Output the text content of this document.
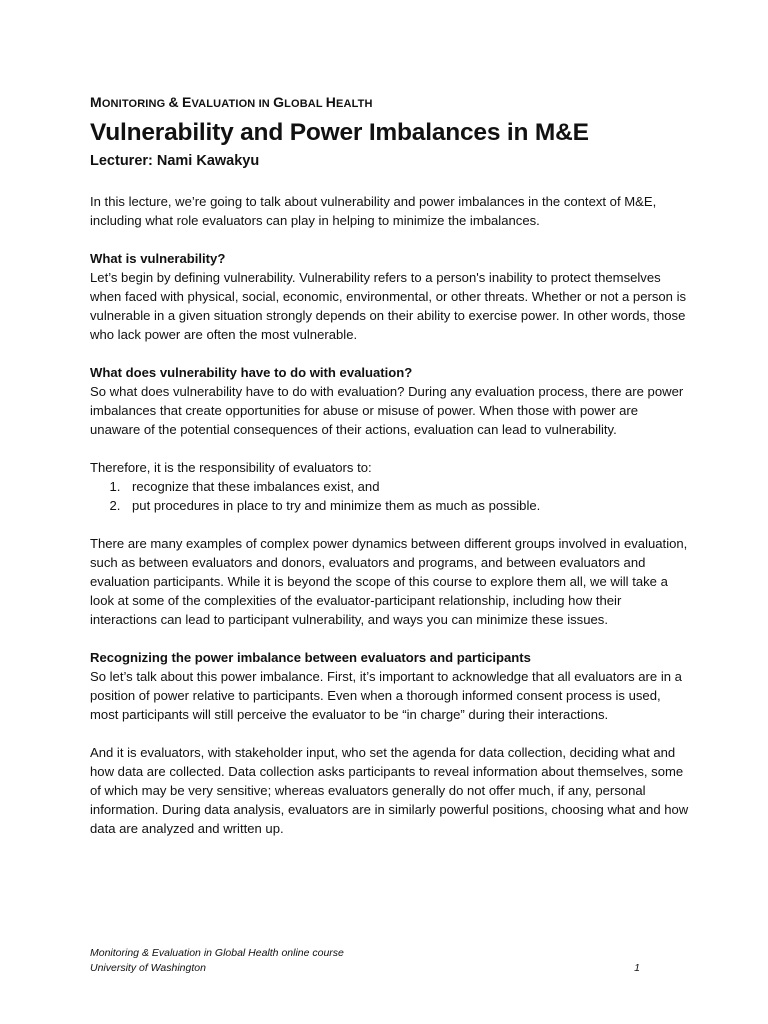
MONITORING & EVALUATION IN GLOBAL HEALTH
Vulnerability and Power Imbalances in M&E
Lecturer: Nami Kawakyu

In this lecture, we’re going to talk about vulnerability and power imbalances in the context of M&E, including what role evaluators can play in helping to minimize the imbalances.

What is vulnerability?

Let’s begin by defining vulnerability. Vulnerability refers to a person's inability to protect themselves when faced with physical, social, economic, environmental, or other threats. Whether or not a person is vulnerable in a given situation strongly depends on their ability to exercise power. In other words, those who lack power are often the most vulnerable.

What does vulnerability have to do with evaluation?

So what does vulnerability have to do with evaluation? During any evaluation process, there are power imbalances that create opportunities for abuse or misuse of power. When those with power are unaware of the potential consequences of their actions, evaluation can lead to vulnerability.

Therefore, it is the responsibility of evaluators to:

1. recognize that these imbalances exist, and
2. put procedures in place to try and minimize them as much as possible.

There are many examples of complex power dynamics between different groups involved in evaluation, such as between evaluators and donors, evaluators and programs, and between evaluators and evaluation participants. While it is beyond the scope of this course to explore them all, we will take a look at some of the complexities of the evaluator-participant relationship, including how their interactions can lead to participant vulnerability, and ways you can minimize these issues.

Recognizing the power imbalance between evaluators and participants

So let’s talk about this power imbalance. First, it’s important to acknowledge that all evaluators are in a position of power relative to participants. Even when a thorough informed consent process is used, most participants will still perceive the evaluator to be “in charge” during their interactions.

And it is evaluators, with stakeholder input, who set the agenda for data collection, deciding what and how data are collected. Data collection asks participants to reveal information about themselves, some of which may be very sensitive; whereas evaluators generally do not offer much, if any, personal information. During data analysis, evaluators are in similarly powerful positions, choosing what and how data are analyzed and written up.

Monitoring & Evaluation in Global Health online course
University of Washington	1
